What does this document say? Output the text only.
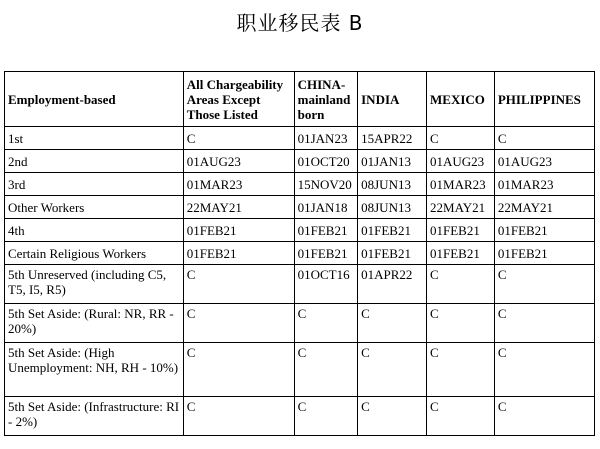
职业移民表 B
Employment-based	All Chargeability Areas Except Those Listed	CHINA-mainland born	INDIA	MEXICO	PHILIPPINES
1st	C	01JAN23	15APR22	C	C
2nd	01AUG23	01OCT20	01JAN13	01AUG23	01AUG23
3rd	01MAR23	15NOV20	08JUN13	01MAR23	01MAR23
Other Workers	22MAY21	01JAN18	08JUN13	22MAY21	22MAY21
4th	01FEB21	01FEB21	01FEB21	01FEB21	01FEB21
Certain Religious Workers	01FEB21	01FEB21	01FEB21	01FEB21	01FEB21
5th Unreserved (including C5, T5, I5, R5)	C	01OCT16	01APR22	C	C
5th Set Aside: (Rural: NR, RR - 20%)	C	C	C	C	C
5th Set Aside: (High Unemployment: NH, RH - 10%)	C	C	C	C	C
5th Set Aside: (Infrastructure: RI - 2%)	C	C	C	C	C
